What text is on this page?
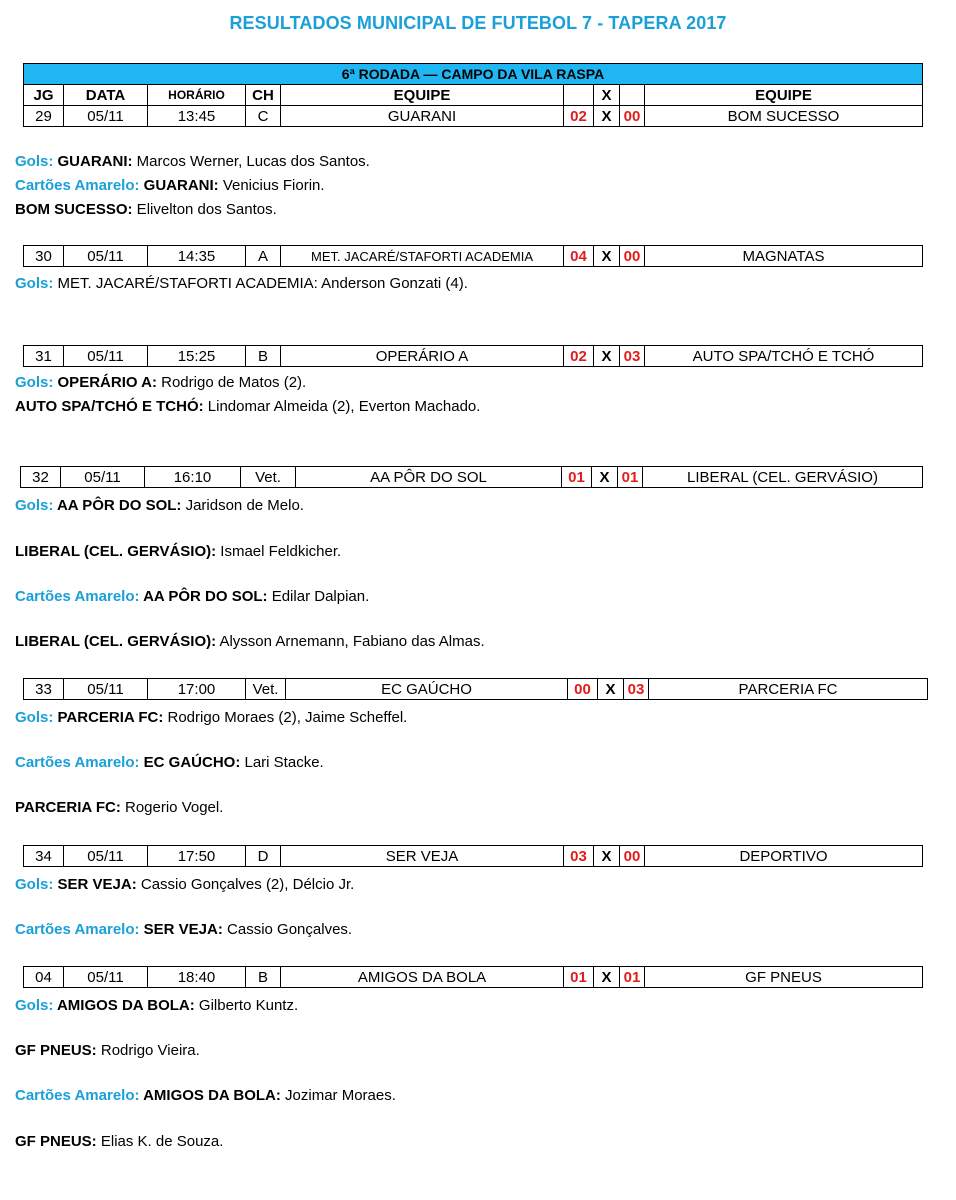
RESULTADOS MUNICIPAL DE FUTEBOL 7 - TAPERA 2017
6ª RODADA — CAMPO DA VILA RASPA								
JG	DATA	HORÁRIO	CH	EQUIPE		X		EQUIPE
29	05/11	13:45	C	GUARANI	02	X	00	BOM SUCESSO
Gols: GUARANI: Marcos Werner, Lucas dos Santos.
Cartões Amarelo: GUARANI: Venicius Fiorin.
BOM SUCESSO: Elivelton dos Santos.
30	05/11	14:35	A	MET. JACARÉ/STAFORTI ACADEMIA	04	X	00	MAGNATAS
Gols: MET. JACARÉ/STAFORTI ACADEMIA: Anderson Gonzati (4).
31	05/11	15:25	B	OPERÁRIO A	02	X	03	AUTO SPA/TCHÓ E TCHÓ
Gols: OPERÁRIO A: Rodrigo de Matos (2).
AUTO SPA/TCHÓ E TCHÓ: Lindomar Almeida (2), Everton Machado.
32	05/11	16:10	Vet.	AA PÔR DO SOL	01	X	01	LIBERAL (CEL. GERVÁSIO)
Gols: AA PÔR DO SOL: Jaridson de Melo.
LIBERAL (CEL. GERVÁSIO): Ismael Feldkicher.
Cartões Amarelo: AA PÔR DO SOL: Edilar Dalpian.
LIBERAL (CEL. GERVÁSIO): Alysson Arnemann, Fabiano das Almas.
33	05/11	17:00	Vet.	EC GAÚCHO	00	X	03	PARCERIA FC
Gols: PARCERIA FC: Rodrigo Moraes (2), Jaime Scheffel.
Cartões Amarelo: EC GAÚCHO: Lari Stacke.
PARCERIA FC: Rogerio Vogel.
34	05/11	17:50	D	SER VEJA	03	X	00	DEPORTIVO
Gols: SER VEJA: Cassio Gonçalves (2), Délcio Jr.
Cartões Amarelo: SER VEJA: Cassio Gonçalves.
04	05/11	18:40	B	AMIGOS DA BOLA	01	X	01	GF PNEUS
Gols: AMIGOS DA BOLA: Gilberto Kuntz.
GF PNEUS: Rodrigo Vieira.
Cartões Amarelo: AMIGOS DA BOLA: Jozimar Moraes.
GF PNEUS: Elias K. de Souza.
